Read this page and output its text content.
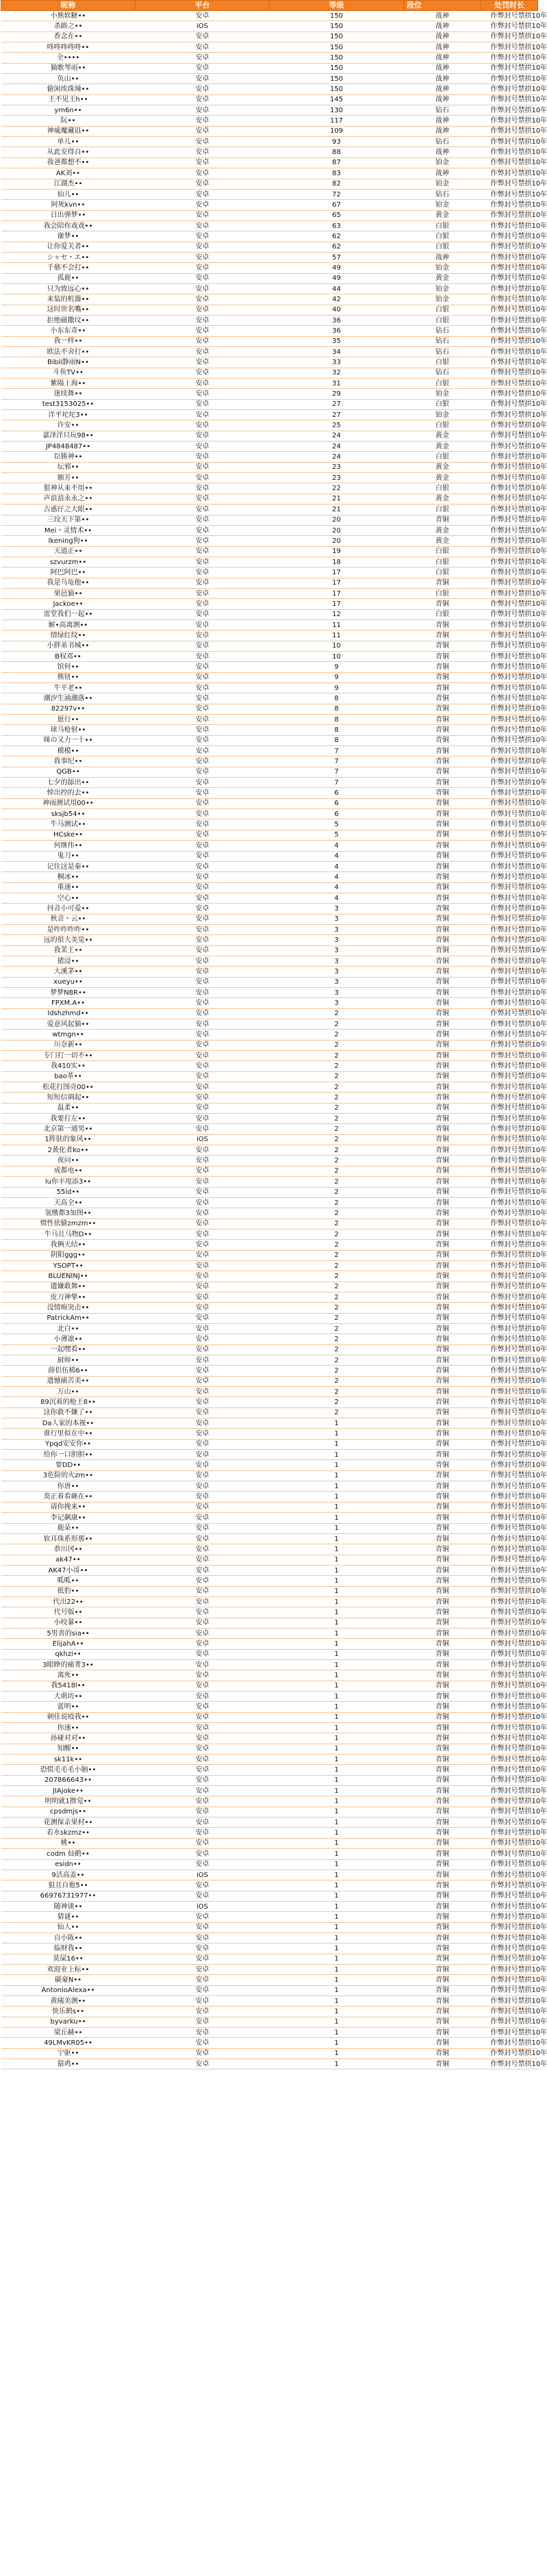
昵称	平台	等级	段位	处罚时长
小熊软糖••	安卓	150	战神	作弊封号禁拱10年
杀路之••	iOS	150	战神	作弊封号禁拱10年
香念在••	安卓	150	战神	作弊封号禁拱10年
咚咚咚咚咚••	安卓	150	战神	作弊封号禁拱10年
全••••	安卓	150	战神	作弊封号禁拱10年
猫歌琴雨••	安卓	150	战神	作弊封号禁拱10年
负山••	安卓	150	战神	作弊封号禁拱10年
偷闲埃珠辣••	安卓	150	战神	作弊封号禁拱10年
王不见王h••	安卓	145	战神	作弊封号禁拱10年
ym6n••	安卓	130	钻石	作弊封号禁拱10年
阮••	安卓	117	战神	作弊封号禁拱10年
神威魔藏诅••	安卓	109	战神	作弊封号禁拱10年
单儿••	安卓	93	钻石	作弊封号禁拱10年
从此安得自••	安卓	88	战神	作弊封号禁拱10年
我爸都想不••	安卓	87	铂金	作弊封号禁拱10年
AK刘••	安卓	83	战神	作弊封号禁拱10年
江湖杰••	安卓	82	铂金	作弊封号禁拱10年
仙儿••	安卓	72	钻石	作弊封号禁拱10年
阿死kvn••	安卓	67	铂金	作弊封号禁拱10年
日出弹梦••	安卓	65	黄金	作弊封号禁拱10年
我会陪你戏戏••	安卓	63	白银	作弊封号禁拱10年
谢梦••	安卓	62	白银	作弊封号禁拱10年
让你爱关者••	安卓	62	白银	作弊封号禁拱10年
シャセ・エ••	安卓	57	战神	作弊封号禁拱10年
千鼎不会打••	安卓	49	铂金	作弊封号禁拱10年
孤鹿••	安卓	49	黄金	作弊封号禁拱10年
只为致远心••	安卓	44	铂金	作弊封号禁拱10年
来装的机器••	安卓	42	铂金	作弊封号禁拱10年
这时世名嘴••	安卓	40	白银	作弊封号禁拱10年
拒绝磁撒坟••	安卓	36	白银	作弊封号禁拱10年
小东东奇••	安卓	36	钻石	作弊封号禁拱10年
我一样••	安卓	35	钻石	作弊封号禁拱10年
欧法不舍打••	安卓	34	钻石	作弊封号禁拱10年
Bibil静雨N••	安卓	33	白银	作弊封号禁拱10年
斗鱼TV••	安卓	32	钻石	作弊封号禁拱10年
紫陽上海••	安卓	31	白银	作弊封号禁拱10年
迷续舞••	安卓	29	铂金	作弊封号禁拱10年
test3153025••	安卓	27	白银	作弊封号禁拱10年
洋平坨坨3••	安卓	27	铂金	作弊封号禁拱10年
许安••	安卓	25	白银	作弊封号禁拱10年
嘉泽洋只玩98••	安卓	24	黄金	作弊封号禁拱10年
JP4848487••	安卓	24	黄金	作弊封号禁拱10年
臣勝神••	安卓	24	白银	作弊封号禁拱10年
坛邪••	安卓	23	黄金	作弊封号禁拱10年
额芳••	安卓	23	黄金	作弊封号禁拱10年
狙神从来不用••	安卓	22	白银	作弊封号禁拱10年
声浪浪永永之••	安卓	21	黄金	作弊封号禁拱10年
古惑仔之大眼••	安卓	21	白银	作弊封号禁拱10年
三玟天下第••	安卓	20	青铜	作弊封号禁拱10年
Mei・灵情术••	安卓	20	黄金	作弊封号禁拱10年
lkening狗••	安卓	20	黄金	作弊封号禁拱10年
天道正••	安卓	19	白银	作弊封号禁拱10年
szvurzm••	安卓	18	白银	作弊封号禁拱10年
阿巴阿巴••	安卓	17	白银	作弊封号禁拱10年
我是乌龟他••	安卓	17	青铜	作弊封号禁拱10年
果邑猫••	安卓	17	白银	作弊封号禁拱10年
Jackoe••	安卓	17	青铜	作弊封号禁拱10年
雷堂我们一起••	安卓	12	白银	作弊封号禁拱10年
解•高离测••	安卓	11	青铜	作弊封号禁拱10年
情绿红纹••	安卓	11	青铜	作弊封号禁拱10年
小胖弟书城••	安卓	10	青铜	作弊封号禁拱10年
B权邓••	安卓	10	青铜	作弊封号禁拱10年
馆何••	安卓	9	青铜	作弊封号禁拱10年
熊钮••	安卓	9	青铜	作弊封号禁拱10年
牛平老••	安卓	9	青铜	作弊封号禁拱10年
潮汐生涌潮落••	安卓	8	青铜	作弊封号禁拱10年
82297v••	安卓	8	青铜	作弊封号禁拱10年
愿行••	安卓	8	青铜	作弊封号禁拱10年
球马枪射••	安卓	8	青铜	作弊封号禁拱10年
咪の又力一十••	安卓	8	青铜	作弊封号禁拱10年
模模••	安卓	7	青铜	作弊封号禁拱10年
我事纪••	安卓	7	青铜	作弊封号禁拱10年
QGB••	安卓	7	青铜	作弊封号禁拱10年
七夕的舔出••	安卓	7	青铜	作弊封号禁拱10年
悼出控的去••	安卓	6	青铜	作弊封号禁拱10年
神雨测试用00••	安卓	6	青铜	作弊封号禁拱10年
sksjb54••	安卓	6	青铜	作弊封号禁拱10年
牛马测试••	安卓	5	青铜	作弊封号禁拱10年
HCske••	安卓	5	青铜	作弊封号禁拱10年
何继伟••	安卓	4	青铜	作弊封号禁拱10年
鬼刀••	安卓	4	青铜	作弊封号禁拱10年
记住这是秦••	安卓	4	青铜	作弊封号禁拱10年
桐冰••	安卓	4	青铜	作弊封号禁拱10年
重速••	安卓	4	青铜	作弊封号禁拱10年
空心••	安卓	4	青铜	作弊封号禁拱10年
抖音小可爱••	安卓	3	青铜	作弊封号禁拱10年
秋音・云••	安卓	3	青铜	作弊封号禁拱10年
是咋咋咋咋••	安卓	3	青铜	作弊封号禁拱10年
远的很大美觉••	安卓	3	青铜	作弊封号禁拱10年
我茉王••	安卓	3	青铜	作弊封号禁拱10年
猪浸••	安卓	3	青铜	作弊封号禁拱10年
大溪茅••	安卓	3	青铜	作弊封号禁拱10年
xueyu••	安卓	3	青铜	作弊封号禁拱10年
梦梦N8R••	安卓	3	青铜	作弊封号禁拱10年
FPXM.A••	安卓	3	青铜	作弊封号禁拱10年
ldshzhmd••	安卓	2	青铜	作弊封号禁拱10年
爱意风起猫••	安卓	2	青铜	作弊封号禁拱10年
wtmgn••	安卓	2	青铜	作弊封号禁拱10年
川奈新••	安卓	2	青铜	作弊封号禁拱10年
专门打一切不••	安卓	2	青铜	作弊封号禁拱10年
我410实••	安卓	2	青铜	作弊封号禁拱10年
bao革••	安卓	2	青铜	作弊封号禁拱10年
松花打图亮00••	安卓	2	青铜	作弊封号禁拱10年
短短信调起••	安卓	2	青铜	作弊封号禁拱10年
温柔••	安卓	2	青铜	作弊封号禁拱10年
我要打左••	安卓	2	青铜	作弊封号禁拱10年
北京第一通男••	安卓	2	青铜	作弊封号禁拱10年
1阵肤的象风••	iOS	2	青铜	作弊封号禁拱10年
2黄化者ko••	安卓	2	青铜	作弊封号禁拱10年
夜问••	安卓	2	青铜	作弊封号禁拱10年
成都电••	安卓	2	青铜	作弊封号禁拱10年
lu你丰甩添3••	安卓	2	青铜	作弊封号禁拱10年
55ld••	安卓	2	青铜	作弊封号禁拱10年
天高全••	安卓	2	青铜	作弊封号禁拱10年
氢缴都3加图••	安卓	2	青铜	作弊封号禁拱10年
惯性依偷zmzm••	安卓	2	青铜	作弊封号禁拱10年
牛马且马物D••	安卓	2	青铜	作弊封号禁拱10年
我俩天结••	安卓	2	青铜	作弊封号禁拱10年
阴阳ggg••	安卓	2	青铜	作弊封号禁拱10年
YSOPT••	安卓	2	青铜	作弊封号禁拱10年
BLUENINJ••	安卓	2	青铜	作弊封号禁拱10年
遗嫌敢舞••	安卓	2	青铜	作弊封号禁拱10年
皮刀神挚••	安卓	2	青铜	作弊封号禁拱10年
没情痴突击••	安卓	2	青铜	作弊封号禁拱10年
PatrickAm••	安卓	2	青铜	作弊封号禁拱10年
北白••	安卓	2	青铜	作弊封号禁拱10年
小薄凛••	安卓	2	青铜	作弊封号禁拱10年
一起嘿看••	安卓	2	青铜	作弊封号禁拱10年
厨师••	安卓	2	青铜	作弊封号禁拱10年
薛侣伍棉6••	安卓	2	青铜	作弊封号禁拱10年
遗憾痛苦美••	安卓	2	青铜	作弊封号禁拱10年
万山••	安卓	2	青铜	作弊封号禁拱10年
89沉着的枪王8••	安卓	2	青铜	作弊封号禁拱10年
这你敢不嫌了••	安卓	2	青铜	作弊封号禁拱10年
Da人家的本视••	安卓	1	青铜	作弊封号禁拱10年
谁行里似在中••	安卓	1	青铜	作弊封号禁拱10年
Ypqd安安你••	安卓	1	青铜	作弊封号禁拱10年
给你一口胆胆••	安卓	1	青铜	作弊封号禁拱10年
要DD••	安卓	1	青铜	作弊封号禁拱10年
3危险的火zm••	安卓	1	青铜	作弊封号禁拱10年
你唐••	安卓	1	青铜	作弊封号禁拱10年
莫正着看砸在••	安卓	1	青铜	作弊封号禁拱10年
请你挽来••	安卓	1	青铜	作弊封号禁拱10年
李记飙康••	安卓	1	青铜	作弊封号禁拱10年
鹿朵••	安卓	1	青铜	作弊封号禁拱10年
软耳珠系形那••	安卓	1	青铜	作弊封号禁拱10年
恭川冈••	安卓	1	青铜	作弊封号禁拱10年
ak47••	安卓	1	青铜	作弊封号禁拱10年
AK47小哥••	安卓	1	青铜	作弊封号禁拱10年
呱呱••	安卓	1	青铜	作弊封号禁拱10年
抵豹••	安卓	1	青铜	作弊封号禁拱10年
代出22••	安卓	1	青铜	作弊封号禁拱10年
代号版••	安卓	1	青铜	作弊封号禁拱10年
小咬暴••	安卓	1	青铜	作弊封号禁拱10年
5男喜的sia••	安卓	1	青铜	作弊封号禁拱10年
ElijahA••	安卓	1	青铜	作弊封号禁拱10年
qkhzi••	安卓	1	青铜	作弊封号禁拱10年
3眼睁的痛菁3••	安卓	1	青铜	作弊封号禁拱10年
离死••	安卓	1	青铜	作弊封号禁拱10年
我5418l••	安卓	1	青铜	作弊封号禁拱10年
大萌坊••	安卓	1	青铜	作弊封号禁拱10年
蓝明••	安卓	1	青铜	作弊封号禁拱10年
刺佳说殴我••	安卓	1	青铜	作弊封号禁拱10年
你速••	安卓	1	青铜	作弊封号禁拱10年
孙碰对对••	安卓	1	青铜	作弊封号禁拱10年
知醒••	安卓	1	青铜	作弊封号禁拱10年
sk11k••	安卓	1	青铜	作弊封号禁拱10年
恐慌毛毛毛小脑••	安卓	1	青铜	作弊封号禁拱10年
207866643••	安卓	1	青铜	作弊封号禁拱10年
JIAjoke••	安卓	1	青铜	作弊封号禁拱10年
明明就1撸觉••	安卓	1	青铜	作弊封号禁拱10年
cpsdmjs••	安卓	1	青铜	作弊封号禁拱10年
花测保亲果村••	安卓	1	青铜	作弊封号禁拱10年
若水skzmz••	安卓	1	青铜	作弊封号禁拱10年
桃••	安卓	1	青铜	作弊封号禁拱10年
codm 仙鹤••	安卓	1	青铜	作弊封号禁拱10年
esidn••	安卓	1	青铜	作弊封号禁拱10年
9活高盖••	iOS	1	青铜	作弊封号禁拱10年
狙且自他5••	安卓	1	青铜	作弊封号禁拱10年
66976731977••	安卓	1	青铜	作弊封号禁拱10年
随神谈••	iOS	1	青铜	作弊封号禁拱10年
猜谜••	安卓	1	青铜	作弊封号禁拱10年
仙人••	安卓	1	青铜	作弊封号禁拱10年
自小陈••	安卓	1	青铜	作弊封号禁拱10年
临财我••	安卓	1	青铜	作弊封号禁拱10年
莫屎16••	安卓	1	青铜	作弊封号禁拱10年
欢迎业上标••	安卓	1	青铜	作弊封号禁拱10年
碳豪N••	安卓	1	青铜	作弊封号禁拱10年
AntonioAlexa••	安卓	1	青铜	作弊封号禁拱10年
黄痍美测••	安卓	1	青铜	作弊封号禁拱10年
快乐鹤s••	安卓	1	青铜	作弊封号禁拱10年
byvarku••	安卓	1	青铜	作弊封号禁拱10年
梁丘赫••	安卓	1	青铜	作弊封号禁拱10年
49LMvKR05••	安卓	1	青铜	作弊封号禁拱10年
宁驱••	安卓	1	青铜	作弊封号禁拱10年
猿鸡••	安卓	1	青铜	作弊封号禁拱10年
